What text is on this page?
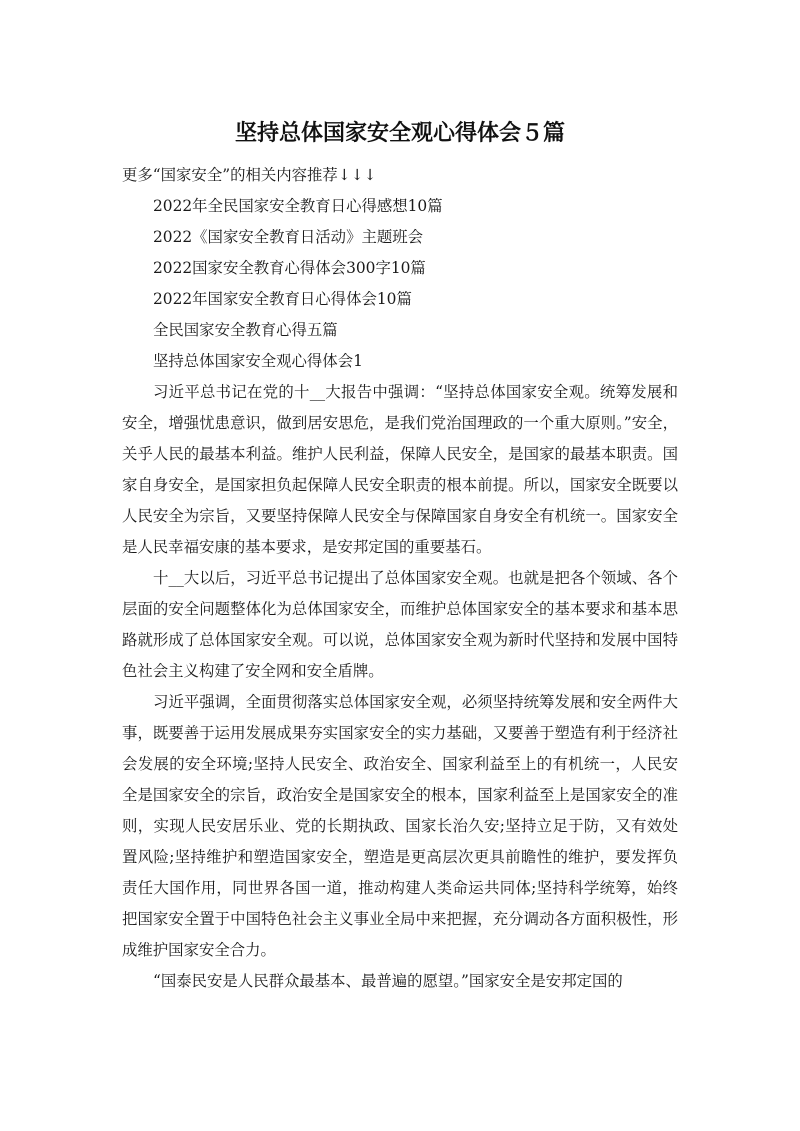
坚持总体国家安全观心得体会５篇

更多“国家安全”的相关内容推荐↓↓↓

2022年全民国家安全教育日心得感想10篇

2022《国家安全教育日活动》主题班会

2022国家安全教育心得体会300字10篇

2022年国家安全教育日心得体会10篇

全民国家安全教育心得五篇

坚持总体国家安全观心得体会1

习近平总书记在党的十__大报告中强调：“坚持总体国家安全观。统筹发展和安全，增强忧患意识，做到居安思危，是我们党治国理政的一个重大原则。”安全，关乎人民的最基本利益。维护人民利益，保障人民安全，是国家的最基本职责。国家自身安全，是国家担负起保障人民安全职责的根本前提。所以，国家安全既要以人民安全为宗旨，又要坚持保障人民安全与保障国家自身安全有机统一。国家安全是人民幸福安康的基本要求，是安邦定国的重要基石。

十__大以后，习近平总书记提出了总体国家安全观。也就是把各个领域、各个层面的安全问题整体化为总体国家安全，而维护总体国家安全的基本要求和基本思路就形成了总体国家安全观。可以说，总体国家安全观为新时代坚持和发展中国特色社会主义构建了安全网和安全盾牌。

习近平强调，全面贯彻落实总体国家安全观，必须坚持统筹发展和安全两件大事，既要善于运用发展成果夯实国家安全的实力基础，又要善于塑造有利于经济社会发展的安全环境;坚持人民安全、政治安全、国家利益至上的有机统一，人民安全是国家安全的宗旨，政治安全是国家安全的根本，国家利益至上是国家安全的准则，实现人民安居乐业、党的长期执政、国家长治久安;坚持立足于防，又有效处置风险;坚持维护和塑造国家安全，塑造是更高层次更具前瞻性的维护，要发挥负责任大国作用，同世界各国一道，推动构建人类命运共同体;坚持科学统筹，始终把国家安全置于中国特色社会主义事业全局中来把握，充分调动各方面积极性，形成维护国家安全合力。

“国泰民安是人民群众最基本、最普遍的愿望。”国家安全是安邦定国的
